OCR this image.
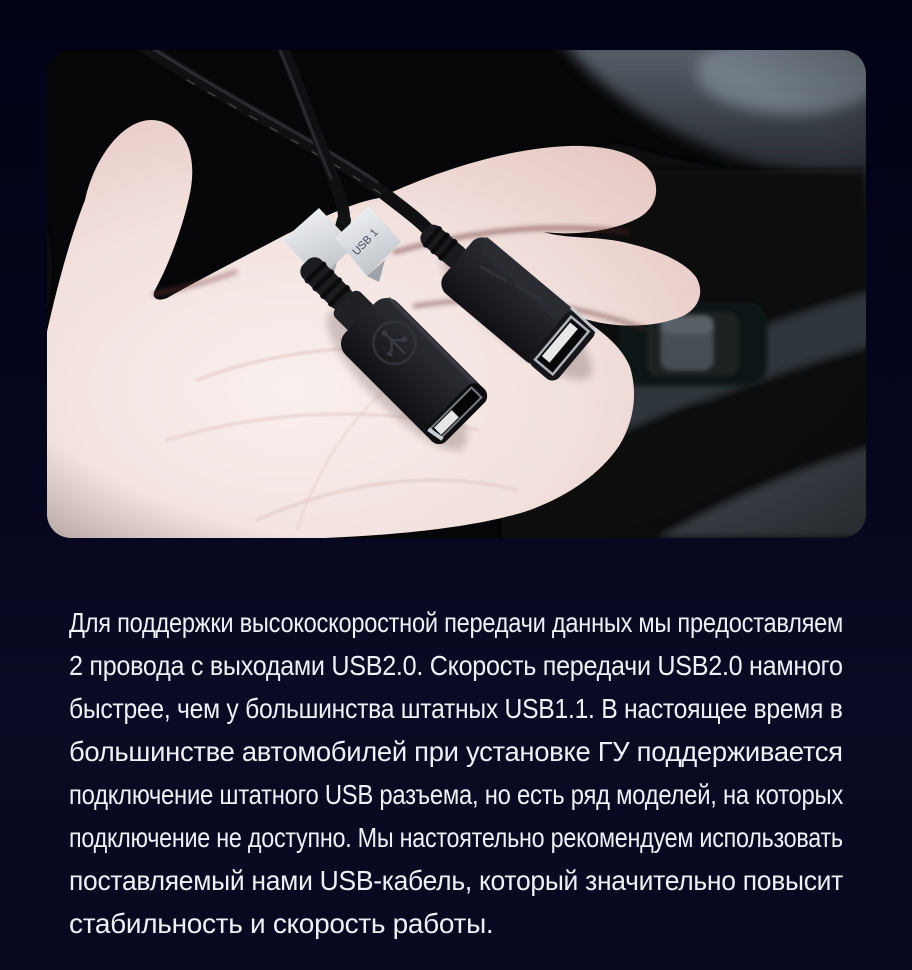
Для поддержки высокоскоростной передачи данных мы предоставляем
2 провода с выходами USB2.0. Скорость передачи USB2.0 намного
быстрее, чем у большинства штатных USB1.1. В настоящее время в
большинстве автомобилей при установке ГУ поддерживается
подключение штатного USB разъема, но есть ряд моделей, на которых
подключение не доступно. Мы настоятельно рекомендуем использовать
поставляемый нами USB-кабель, который значительно повысит
стабильность и скорость работы.
